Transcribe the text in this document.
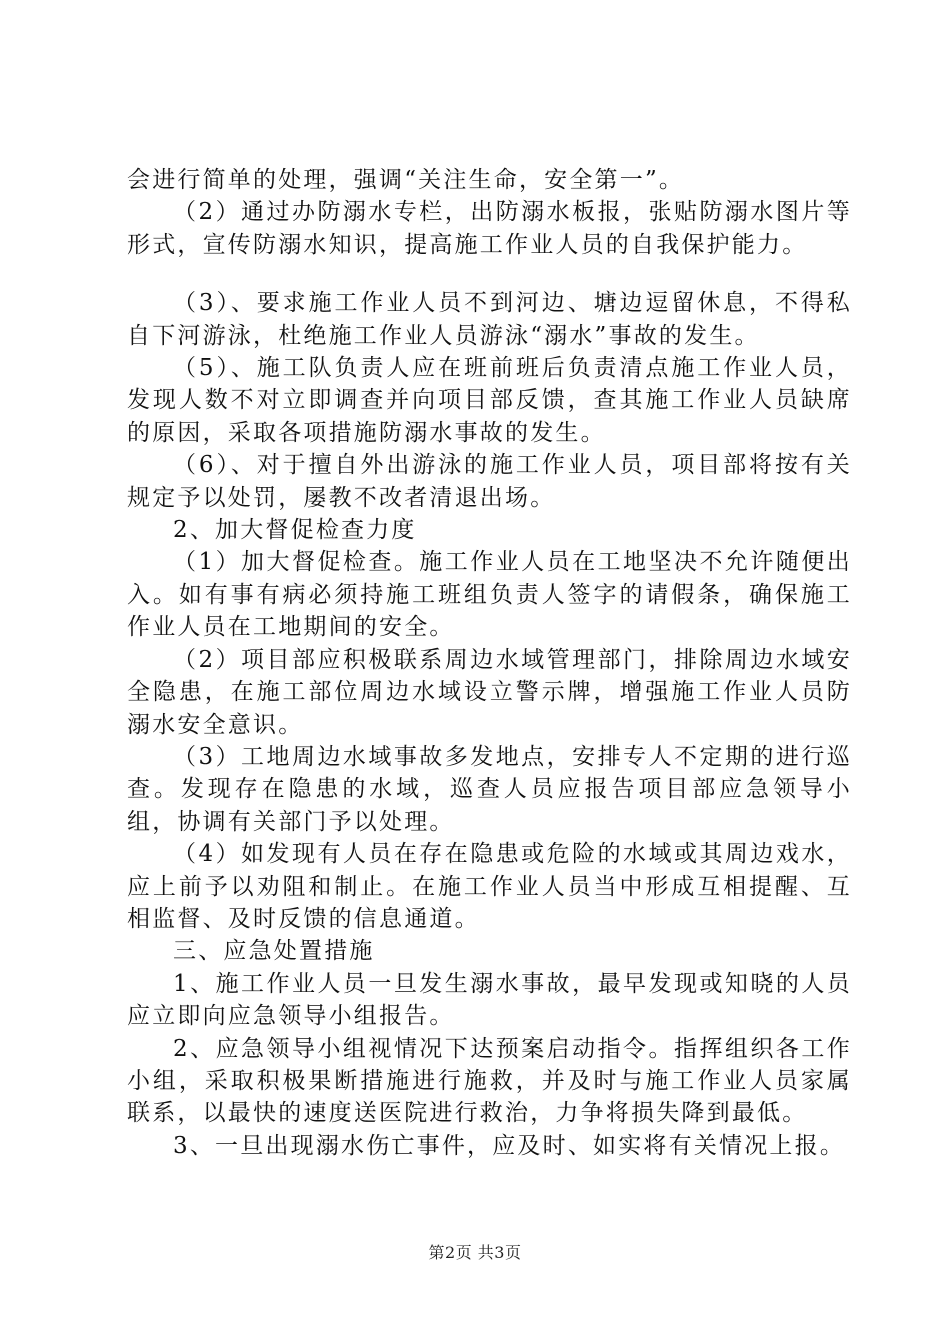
会进行简单的处理，强调“关注生命，安全第一”。

（2）通过办防溺水专栏，出防溺水板报，张贴防溺水图片等形式，宣传防溺水知识，提高施工作业人员的自我保护能力。

（3）、要求施工作业人员不到河边、塘边逗留休息，不得私自下河游泳，杜绝施工作业人员游泳“溺水”事故的发生。

（5）、施工队负责人应在班前班后负责清点施工作业人员，发现人数不对立即调查并向项目部反馈，查其施工作业人员缺席的原因，采取各项措施防溺水事故的发生。

（6）、对于擅自外出游泳的施工作业人员，项目部将按有关规定予以处罚，屡教不改者清退出场。

2、加大督促检查力度

（1）加大督促检查。施工作业人员在工地坚决不允许随便出入。如有事有病必须持施工班组负责人签字的请假条，确保施工作业人员在工地期间的安全。

（2）项目部应积极联系周边水域管理部门，排除周边水域安全隐患，在施工部位周边水域设立警示牌，增强施工作业人员防溺水安全意识。

（3）工地周边水域事故多发地点，安排专人不定期的进行巡查。发现存在隐患的水域，巡查人员应报告项目部应急领导小组，协调有关部门予以处理。

（4）如发现有人员在存在隐患或危险的水域或其周边戏水，应上前予以劝阻和制止。在施工作业人员当中形成互相提醒、互相监督、及时反馈的信息通道。

三、应急处置措施

1、施工作业人员一旦发生溺水事故，最早发现或知晓的人员应立即向应急领导小组报告。

2、应急领导小组视情况下达预案启动指令。指挥组织各工作小组，采取积极果断措施进行施救，并及时与施工作业人员家属联系，以最快的速度送医院进行救治，力争将损失降到最低。

3、一旦出现溺水伤亡事件，应及时、如实将有关情况上报。

第2页 共3页
